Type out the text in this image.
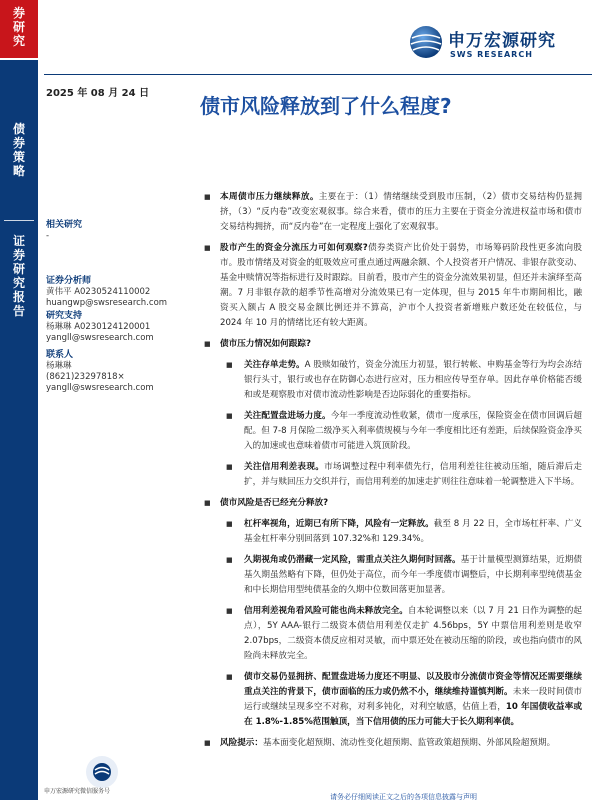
券研究
债券策略
证券研究报告
申万宏源研究
SWS RESEARCH
2025 年 08 月 24 日
债市风险释放到了什么程度?
相关研究
-
证券分析师
黄伟平 A0230524110002
huangwp@swsresearch.com
研究支持
杨琳琳 A0230124120001
yangll@swsresearch.com
联系人
杨琳琳
(8621)23297818×
yangll@swsresearch.com
■ 本周债市压力继续释放。主要在于：（1）情绪继续受到股市压制，（2）债市交易结构仍显拥挤，（3）“反内卷”改变宏观叙事。综合来看，债市的压力主要在于资金分流进权益市场和债市交易结构拥挤，而“反内卷”在一定程度上强化了宏观叙事。
■ 股市产生的资金分流压力可如何观察?债券类资产比价处于弱势，市场筹码阶段性更多流向股市。股市情绪及对资金的虹吸效应可重点通过两融余额、个人投资者开户情况、非银存款变动、基金申赎情况等指标进行及时跟踪。目前看，股市产生的资金分流效果初显，但还并未演绎至高潮。7 月非银存款的超季节性高增对分流效果已有一定体现，但与 2015 年牛市期间相比，融资买入额占 A 股交易金额比例还并不算高，沪市个人投资者新增账户数还处在较低位，与 2024 年 10 月的情绪比还有较大距离。
■ 债市压力情况如何跟踪?
■ 关注存单走势。A 股赎如破竹，资金分流压力初显，银行转帐、申购基金等行为均会冻结银行头寸，银行或也存在防御心态进行应对，压力相应传导至存单。因此存单价格能否缓和或是观察股市对债市流动性影响是否边际弱化的重要指标。
■ 关注配置盘进场力度。今年一季度流动性收紧，债市一度承压，保险资金在债市回调后超配。但 7-8 月保险二级净买入利率债规模与今年一季度相比还有差距，后续保险资金净买入的加速或也意味着债市可能进入筑顶阶段。
■ 关注信用利差表现。市场调整过程中利率债先行，信用利差往往被动压缩，随后滞后走扩，并与赎回压力交织并行，而信用利差的加速走扩则往往意味着一轮调整进入下半场。
■ 债市风险是否已经充分释放?
■ 杠杆率视角，近期已有所下降，风险有一定释放。截至 8 月 22 日，全市场杠杆率、广义基金杠杆率分别回落到 107.32%和 129.34%。
■ 久期视角或仍潜藏一定风险，需重点关注久期何时回落。基于计量模型测算结果，近期债基久期虽然略有下降，但仍处于高位，而今年一季度债市调整后，中长期利率型纯债基金和中长期信用型纯债基金的久期中位数回落更加显著。
■ 信用利差视角看风险可能也尚未释放完全。自本轮调整以来（以 7 月 21 日作为调整的起点），5Y AAA-银行二级资本债信用利差仅走扩 4.56bps，5Y 中票信用利差则是收窄 2.07bps，二级资本债反应相对灵敏，而中票还处在被动压缩的阶段，或也指向债市的风险尚未释放完全。
■ 债市交易仍显拥挤、配置盘进场力度还不明显、以及股市分流债市资金等情况还需要继续重点关注的背景下，债市面临的压力或仍然不小，继续维持谨慎判断。未来一段时间债市运行或继续呈现多空不对称，对利多钝化，对利空敏感，估值上看，10 年国债收益率或在 1.8%-1.85%范围触顶，当下信用债的压力可能大于长久期利率债。
■ 风险提示：基本面变化超预期、流动性变化超预期、监管政策超预期、外部风险超预期。
申万宏源研究微信服务号
请务必仔细阅读正文之后的各项信息披露与声明
